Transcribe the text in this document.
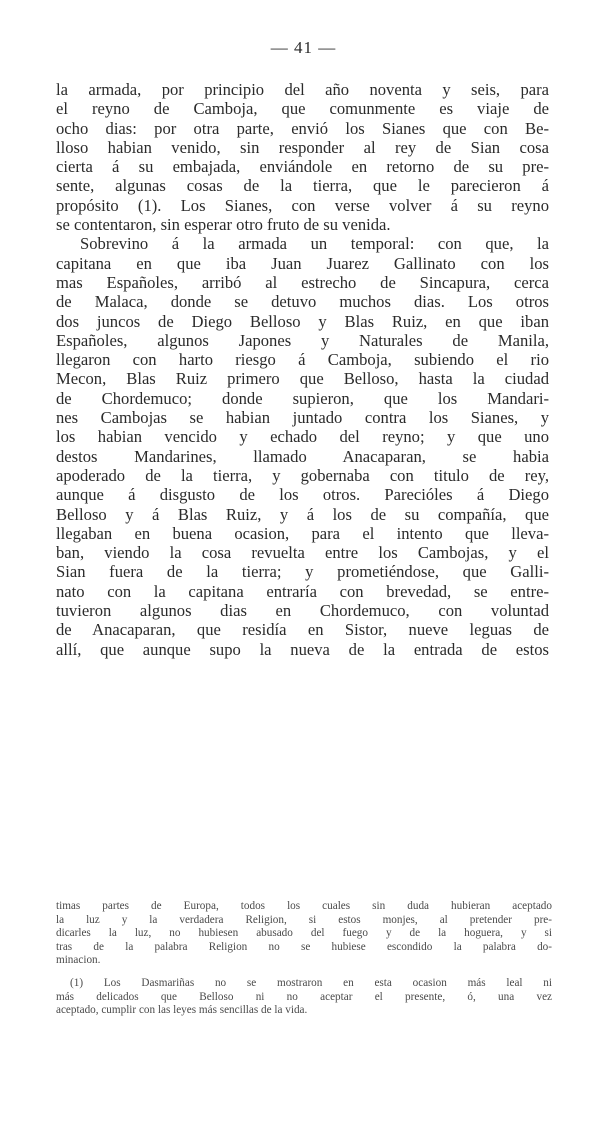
— 41 —

la armada, por principio del año noventa y seis, para

el reyno de Camboja, que comunmente es viaje de

ocho dias: por otra parte, envió los Sianes que con Be-

lloso habian venido, sin responder al rey de Sian cosa

cierta á su embajada, enviándole en retorno de su pre-

sente, algunas cosas de la tierra, que le parecieron á

propósito (1). Los Sianes, con verse volver á su reyno

se contentaron, sin esperar otro fruto de su venida.

Sobrevino á la armada un temporal: con que, la

capitana en que iba Juan Juarez Gallinato con los

mas Españoles, arribó al estrecho de Sincapura, cerca

de Malaca, donde se detuvo muchos dias. Los otros

dos juncos de Diego Belloso y Blas Ruiz, en que iban

Españoles, algunos Japones y Naturales de Manila,

llegaron con harto riesgo á Camboja, subiendo el rio

Mecon, Blas Ruiz primero que Belloso, hasta la ciudad

de Chordemuco; donde supieron, que los Mandari-

nes Cambojas se habian juntado contra los Sianes, y

los habian vencido y echado del reyno; y que uno

destos Mandarines, llamado Anacaparan, se habia

apoderado de la tierra, y gobernaba con titulo de rey,

aunque á disgusto de los otros. Parecióles á Diego

Belloso y á Blas Ruiz, y á los de su compañía, que

llegaban en buena ocasion, para el intento que lleva-

ban, viendo la cosa revuelta entre los Cambojas, y el

Sian fuera de la tierra; y prometiéndose, que Galli-

nato con la capitana entraría con brevedad, se entre-

tuvieron algunos dias en Chordemuco, con voluntad

de Anacaparan, que residía en Sistor, nueve leguas de

allí, que aunque supo la nueva de la entrada de estos

timas partes de Europa, todos los cuales sin duda hubieran aceptado

la luz y la verdadera Religion, si estos monjes, al pretender pre-

dicarles la luz, no hubiesen abusado del fuego y de la hoguera, y si

tras de la palabra Religion no se hubiese escondido la palabra do-

minacion.

(1) Los Dasmariñas no se mostraron en esta ocasion más leal ni

más delicados que Belloso ni no aceptar el presente, ó, una vez

aceptado, cumplir con las leyes más sencillas de la vida.
